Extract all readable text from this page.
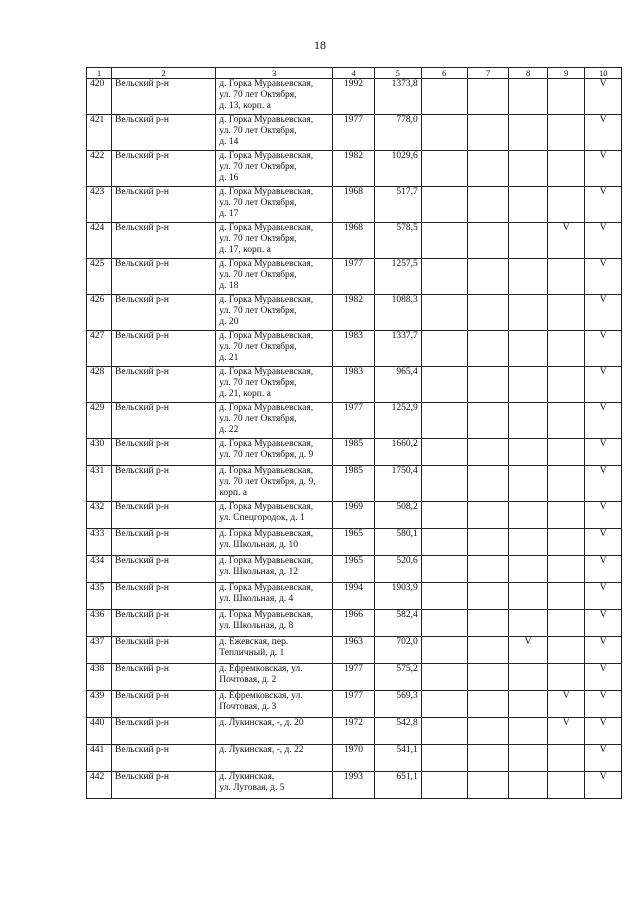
18
1	2	3	4	5	6	7	8	9	10
420	Вельский р-н	д. Горка Муравьевская,
ул. 70 лет Октября,
д. 13, корп. а	1992	1373,8					V
421	Вельский р-н	д. Горка Муравьевская,
ул. 70 лет Октября,
д. 14	1977	778,0					V
422	Вельский р-н	д. Горка Муравьевская,
ул. 70 лет Октября,
д. 16	1982	1029,6					V
423	Вельский р-н	д. Горка Муравьевская,
ул. 70 лет Октября,
д. 17	1968	517,7					V
424	Вельский р-н	д. Горка Муравьевская,
ул. 70 лет Октября,
д. 17, корп. а	1968	578,5				V	V
425	Вельский р-н	д. Горка Муравьевская,
ул. 70 лет Октября,
д. 18	1977	1257,5					V
426	Вельский р-н	д. Горка Муравьевская,
ул. 70 лет Октября,
д. 20	1982	1088,3					V
427	Вельский р-н	д. Горка Муравьевская,
ул. 70 лет Октября,
д. 21	1983	1337,7					V
428	Вельский р-н	д. Горка Муравьевская,
ул. 70 лет Октября,
д. 21, корп. а	1983	965,4					V
429	Вельский р-н	д. Горка Муравьевская,
ул. 70 лет Октября,
д. 22	1977	1252,9					V
430	Вельский р-н	д. Горка Муравьевская,
ул. 70 лет Октября, д. 9	1985	1660,2					V
431	Вельский р-н	д. Горка Муравьевская,
ул. 70 лет Октября, д. 9,
корп. а	1985	1750,4					V
432	Вельский р-н	д. Горка Муравьевская,
ул. Спецгородок, д. 1	1969	508,2					V
433	Вельский р-н	д. Горка Муравьевская,
ул. Школьная, д. 10	1965	580,1					V
434	Вельский р-н	д. Горка Муравьевская,
ул. Школьная, д. 12	1965	520,6					V
435	Вельский р-н	д. Горка Муравьевская,
ул. Школьная, д. 4	1994	1903,9					V
436	Вельский р-н	д. Горка Муравьевская,
ул. Школьная, д. 8	1966	582,4					V
437	Вельский р-н	д. Ежевская, пер.
Тепличный, д. 1	1963	702,0			V		V
438	Вельский р-н	д. Ефремковская, ул.
Почтовая, д. 2	1977	575,2					V
439	Вельский р-н	д. Ефремковская, ул.
Почтовая, д. 3	1977	569,3				V	V
440	Вельский р-н	д. Лукинская, -, д. 20	1972	542,8				V	V
441	Вельский р-н	д. Лукинская, -, д. 22	1970	541,1					V
442	Вельский р-н	д. Лукинская,
ул. Луговая, д. 5	1993	651,1					V
